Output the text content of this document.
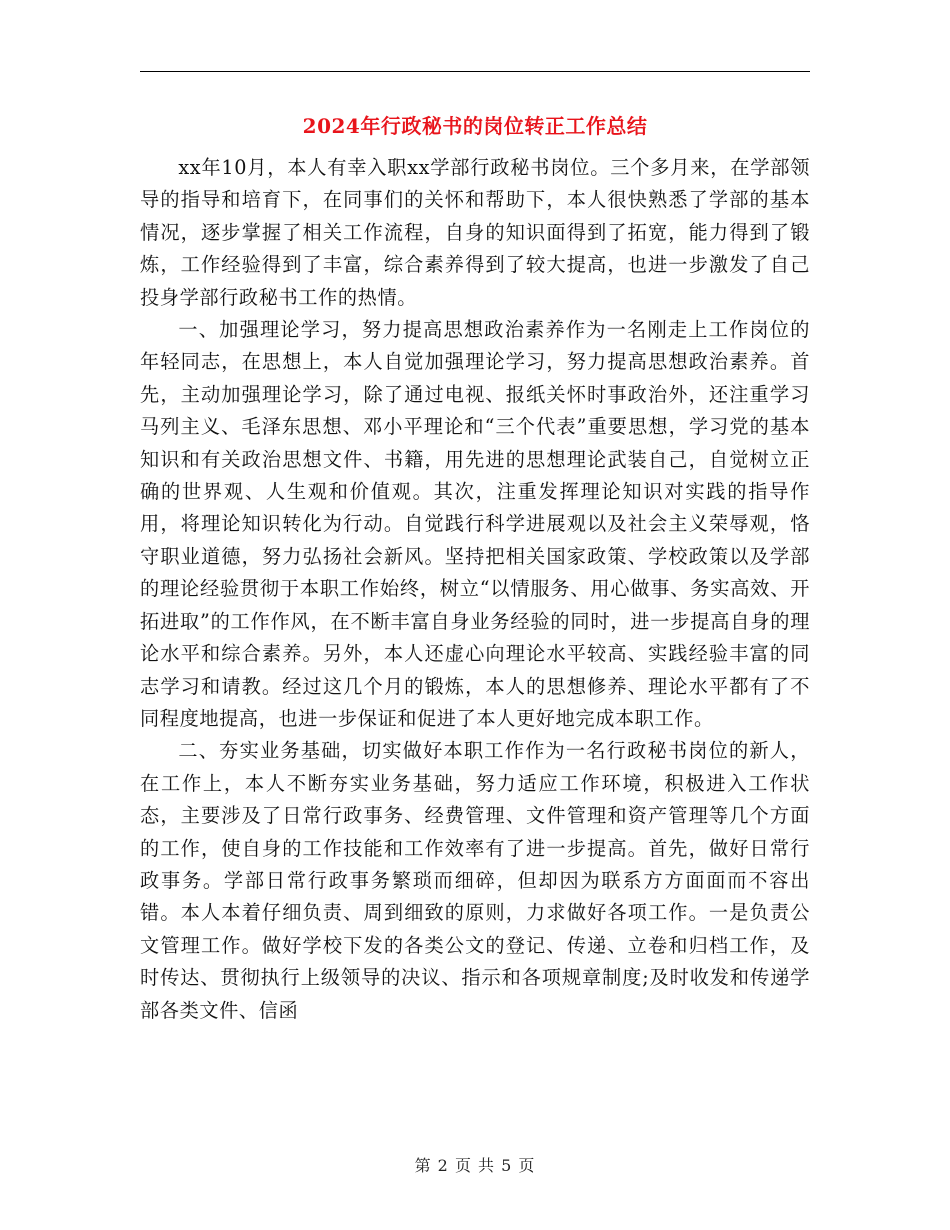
2024年行政秘书的岗位转正工作总结

xx年10月，本人有幸入职xx学部行政秘书岗位。三个多月来，在学部领导的指导和培育下，在同事们的关怀和帮助下，本人很快熟悉了学部的基本情况，逐步掌握了相关工作流程，自身的知识面得到了拓宽，能力得到了锻炼，工作经验得到了丰富，综合素养得到了较大提高，也进一步激发了自己投身学部行政秘书工作的热情。

一、加强理论学习，努力提高思想政治素养作为一名刚走上工作岗位的年轻同志，在思想上，本人自觉加强理论学习，努力提高思想政治素养。首先，主动加强理论学习，除了通过电视、报纸关怀时事政治外，还注重学习马列主义、毛泽东思想、邓小平理论和“三个代表”重要思想，学习党的基本知识和有关政治思想文件、书籍，用先进的思想理论武装自己，自觉树立正确的世界观、人生观和价值观。其次，注重发挥理论知识对实践的指导作用，将理论知识转化为行动。自觉践行科学进展观以及社会主义荣辱观，恪守职业道德，努力弘扬社会新风。坚持把相关国家政策、学校政策以及学部的理论经验贯彻于本职工作始终，树立“以情服务、用心做事、务实高效、开拓进取”的工作作风，在不断丰富自身业务经验的同时，进一步提高自身的理论水平和综合素养。另外，本人还虚心向理论水平较高、实践经验丰富的同志学习和请教。经过这几个月的锻炼，本人的思想修养、理论水平都有了不同程度地提高，也进一步保证和促进了本人更好地完成本职工作。

二、夯实业务基础，切实做好本职工作作为一名行政秘书岗位的新人，在工作上，本人不断夯实业务基础，努力适应工作环境，积极进入工作状态，主要涉及了日常行政事务、经费管理、文件管理和资产管理等几个方面的工作，使自身的工作技能和工作效率有了进一步提高。首先，做好日常行政事务。学部日常行政事务繁琐而细碎，但却因为联系方方面面而不容出错。本人本着仔细负责、周到细致的原则，力求做好各项工作。一是负责公文管理工作。做好学校下发的各类公文的登记、传递、立卷和归档工作，及时传达、贯彻执行上级领导的决议、指示和各项规章制度;及时收发和传递学部各类文件、信函

第 2 页 共 5 页
